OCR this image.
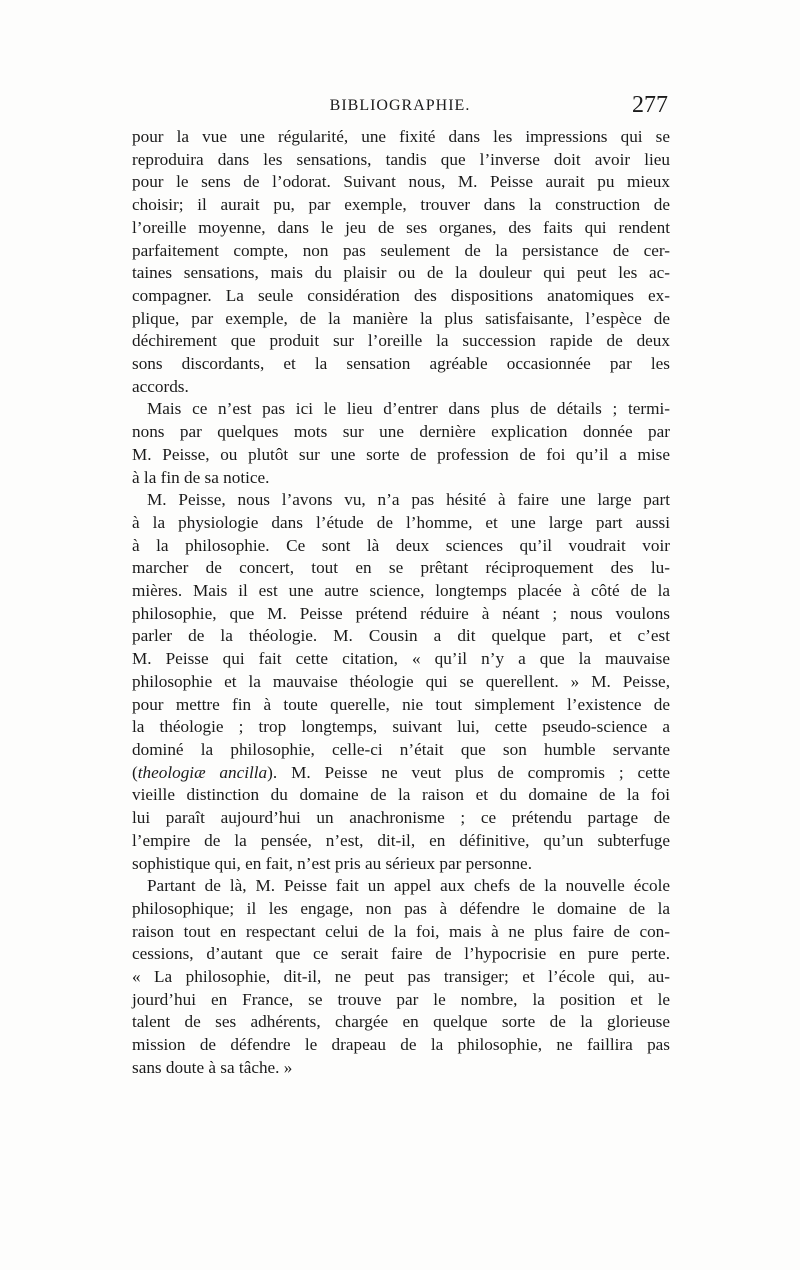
BIBLIOGRAPHIE.	277

pour la vue une régularité, une fixité dans les impressions qui se
reproduira dans les sensations, tandis que l’inverse doit avoir lieu
pour le sens de l’odorat. Suivant nous, M. Peisse aurait pu mieux
choisir; il aurait pu, par exemple, trouver dans la construction de
l’oreille moyenne, dans le jeu de ses organes, des faits qui rendent
parfaitement compte, non pas seulement de la persistance de cer-
taines sensations, mais du plaisir ou de la douleur qui peut les ac-
compagner. La seule considération des dispositions anatomiques ex-
plique, par exemple, de la manière la plus satisfaisante, l’espèce de
déchirement que produit sur l’oreille la succession rapide de deux
sons discordants, et la sensation agréable occasionnée par les
accords.

Mais ce n’est pas ici le lieu d’entrer dans plus de détails ; termi-
nons par quelques mots sur une dernière explication donnée par
M. Peisse, ou plutôt sur une sorte de profession de foi qu’il a mise
à la fin de sa notice.

M. Peisse, nous l’avons vu, n’a pas hésité à faire une large part
à la physiologie dans l’étude de l’homme, et une large part aussi
à la philosophie. Ce sont là deux sciences qu’il voudrait voir
marcher de concert, tout en se prêtant réciproquement des lu-
mières. Mais il est une autre science, longtemps placée à côté de la
philosophie, que M. Peisse prétend réduire à néant ; nous voulons
parler de la théologie. M. Cousin a dit quelque part, et c’est
M. Peisse qui fait cette citation, « qu’il n’y a que la mauvaise
philosophie et la mauvaise théologie qui se querellent. » M. Peisse,
pour mettre fin à toute querelle, nie tout simplement l’existence de
la théologie ; trop longtemps, suivant lui, cette pseudo-science a
dominé la philosophie, celle-ci n’était que son humble servante
(theologiæ ancilla). M. Peisse ne veut plus de compromis ; cette
vieille distinction du domaine de la raison et du domaine de la foi
lui paraît aujourd’hui un anachronisme ; ce prétendu partage de
l’empire de la pensée, n’est, dit-il, en définitive, qu’un subterfuge
sophistique qui, en fait, n’est pris au sérieux par personne.

Partant de là, M. Peisse fait un appel aux chefs de la nouvelle école
philosophique; il les engage, non pas à défendre le domaine de la
raison tout en respectant celui de la foi, mais à ne plus faire de con-
cessions, d’autant que ce serait faire de l’hypocrisie en pure perte.
« La philosophie, dit-il, ne peut pas transiger; et l’école qui, au-
jourd’hui en France, se trouve par le nombre, la position et le
talent de ses adhérents, chargée en quelque sorte de la glorieuse
mission de défendre le drapeau de la philosophie, ne faillira pas
sans doute à sa tâche. »
